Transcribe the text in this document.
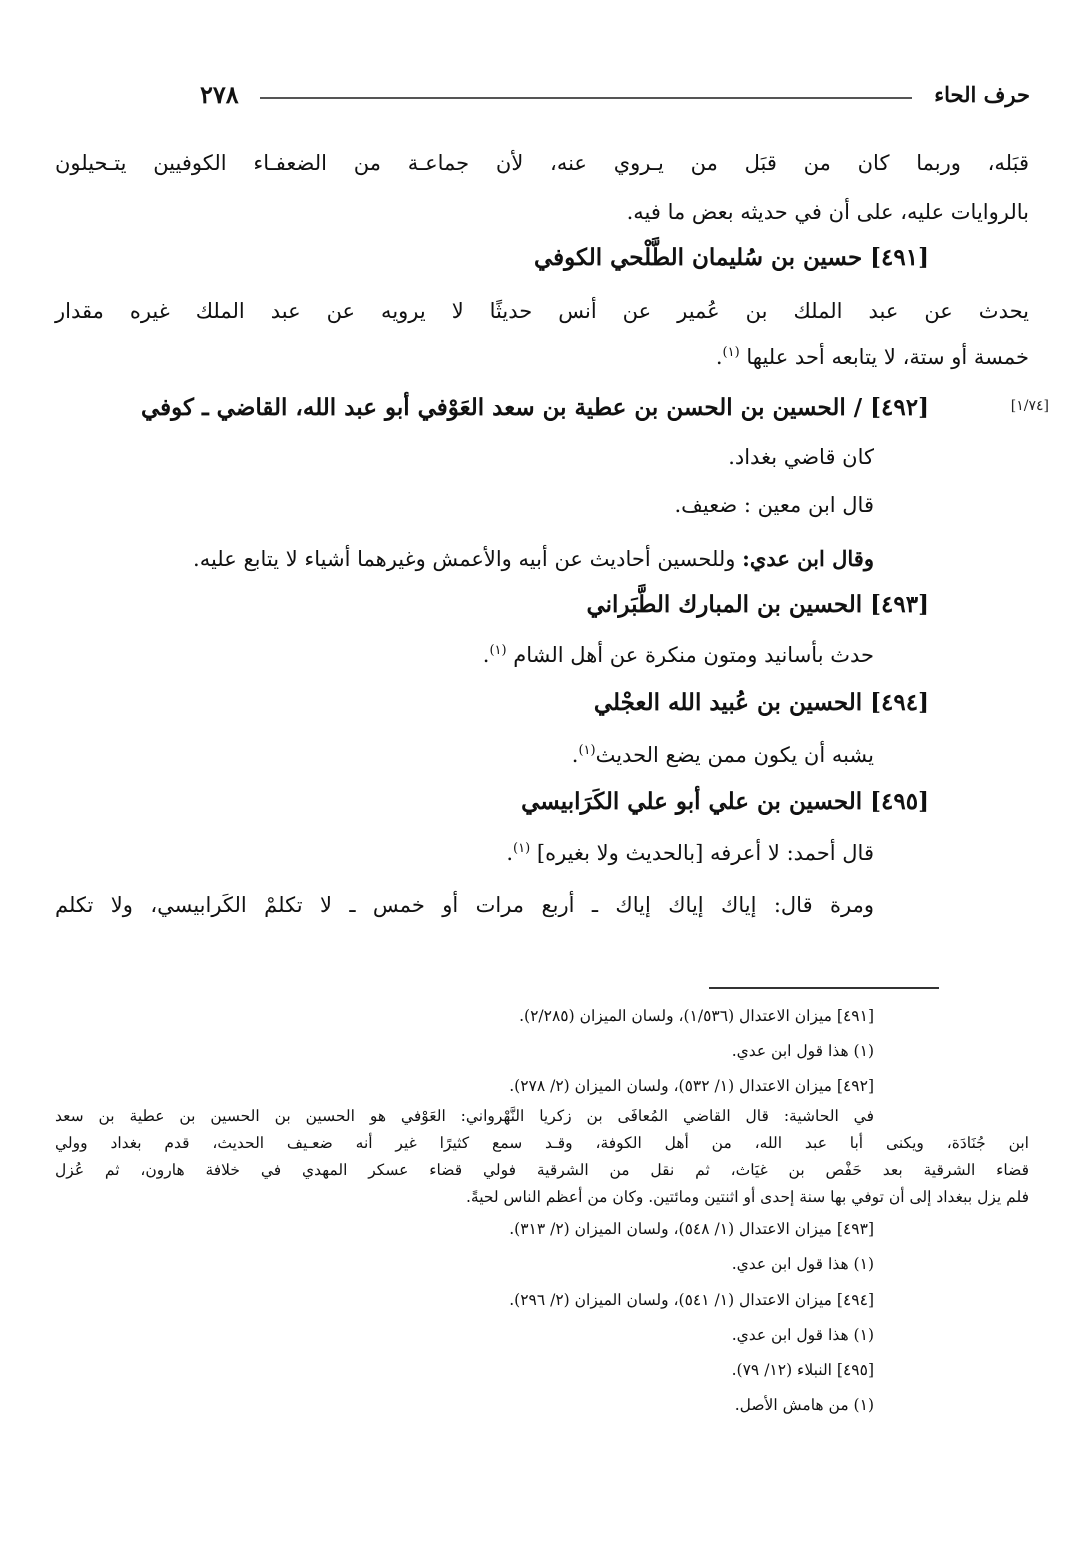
حرف الحاء
٢٧٨
قبَله، وربما كان من قبَل من يـروي عنه، لأن جماعـة من الضعفـاء الكوفيين يتـحيلون
بالروايات عليه، على أن في حديثه بعض ما فيه.
[٤٩١] حسين بن سُليمان الطَّلْحي الكوفي
يحدث عن عبد الملك بن عُمير عن أنس حديثًا لا يرويه عن عبد الملك غيره مقدار
خمسة أو ستة، لا يتابعه أحد عليها $^{(١)}$.
[١/٧٤]
[٤٩٢] / الحسين بن الحسن بن عطية بن سعد العَوْفي أبو عبد الله، القاضي ـ كوفي
كان قاضي بغداد.
قال ابن معين : ضعيف.
وقال ابن عدي: وللحسين أحاديث عن أبيه والأعمش وغيرهما أشياء لا يتابع عليه.
[٤٩٣] الحسين بن المبارك الطَّبَراني
حدث بأسانيد ومتون منكرة عن أهل الشام $^{(١)}$.
[٤٩٤] الحسين بن عُبيد الله العجْلي
يشبه أن يكون ممن يضع الحديث$^{(١)}$.
[٤٩٥] الحسين بن علي أبو علي الكَرَابيسي
قال أحمد: لا أعرفه [بالحديث ولا بغيره] $^{(١)}$.
ومرة قال: إياك إياك إياك ـ أربع مرات أو خمس ـ لا تكلمْ الكَرابيسي، ولا تكلم
[٤٩١] ميزان الاعتدال (١/٥٣٦)، ولسان الميزان (٢/٢٨٥).
(١) هذا قول ابن عدي.
[٤٩٢] ميزان الاعتدال (١/ ٥٣٢)، ولسان الميزان (٢/ ٢٧٨).
في الحاشية: قال القاضي المُعافَى بن زكريا النَّهْرواني: العَوْفي هو الحسين بن الحسين بن عطية بن سعد
ابن جُنَادَة، ويكنى أبا عبد الله، من أهل الكوفة، وقـد سمع كثيرًا غير أنه ضعـيف الحديث، قدم بغداد وولي
قضاء الشرقية بعد حَفْص بن غيَاث، ثم نقل من الشرقية فولي قضاء عسكر المهدي في خلافة هارون، ثم عُزل
فلم يزل ببغداد إلى أن توفي بها سنة إحدى أو اثنتين ومائتين. وكان من أعظم الناس لحيةً.
[٤٩٣] ميزان الاعتدال (١/ ٥٤٨)، ولسان الميزان (٢/ ٣١٣).
(١) هذا قول ابن عدي.
[٤٩٤] ميزان الاعتدال (١/ ٥٤١)، ولسان الميزان (٢/ ٢٩٦).
(١) هذا قول ابن عدي.
[٤٩٥] النبلاء (١٢/ ٧٩).
(١) من هامش الأصل.
